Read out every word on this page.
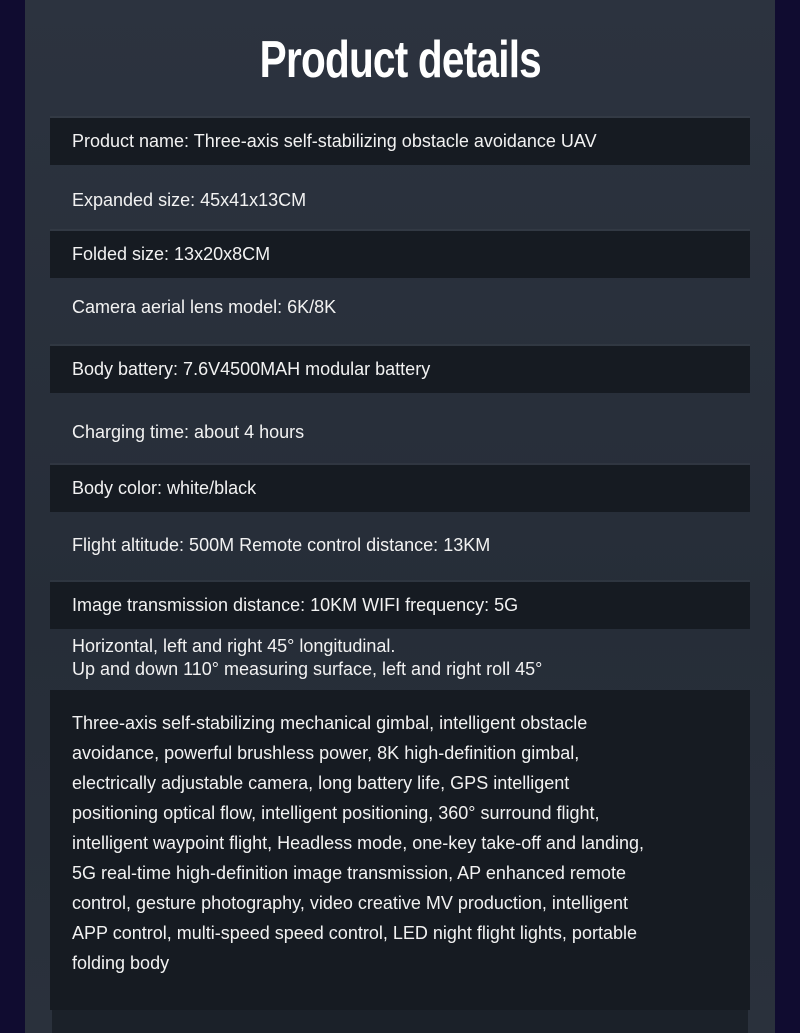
Product details
Product name: Three-axis self-stabilizing obstacle avoidance UAV
Expanded size: 45x41x13CM
Folded size: 13x20x8CM
Camera aerial lens model: 6K/8K
Body battery: 7.6V4500MAH modular battery
Charging time: about 4 hours
Body color: white/black
Flight altitude: 500M Remote control distance: 13KM
Image transmission distance: 10KM WIFI frequency: 5G
Horizontal, left and right 45° longitudinal.
Up and down 110° measuring surface, left and right roll 45°
Three-axis self-stabilizing mechanical gimbal, intelligent obstacle
avoidance, powerful brushless power, 8K high-definition gimbal,
electrically adjustable camera, long battery life, GPS intelligent
positioning optical flow, intelligent positioning, 360° surround flight,
intelligent waypoint flight, Headless mode, one-key take-off and landing,
5G real-time high-definition image transmission, AP enhanced remote
control, gesture photography, video creative MV production, intelligent
APP control, multi-speed speed control, LED night flight lights, portable
folding body
